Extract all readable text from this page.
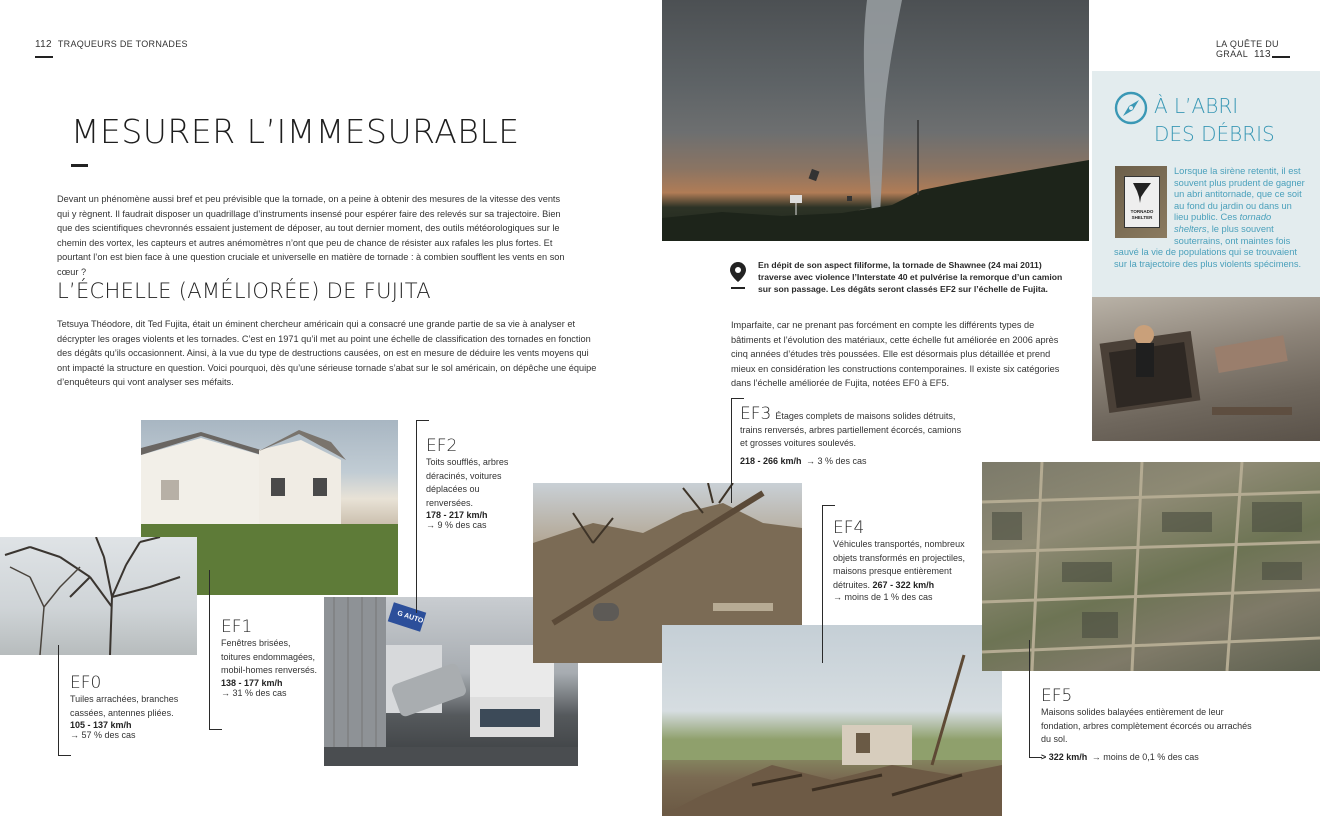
112 TRAQUEURS DE TORNADES	LA QUÊTE DU GRAAL 113
MESURER L’IMMESURABLE
Devant un phénomène aussi bref et peu prévisible que la tornade, on a peine à obtenir des mesures de la vitesse des vents qui y règnent. Il faudrait disposer un quadrillage d’instruments insensé pour espérer faire des relevés sur sa trajectoire. Bien que des scientifiques chevronnés essaient justement de déposer, au tout dernier moment, des outils météorologiques sur le chemin des vortex, les capteurs et autres anémomètres n’ont que peu de chance de résister aux rafales les plus fortes. Et pourtant l’on est bien face à une question cruciale et universelle en matière de tornade : à combien soufflent les vents en son cœur ?
L’ÉCHELLE (AMÉLIORÉE) DE FUJITA
Tetsuya Théodore, dit Ted Fujita, était un éminent chercheur américain qui a consacré une grande partie de sa vie à analyser et décrypter les orages violents et les tornades. C’est en 1971 qu’il met au point une échelle de classification des tornades en fonction des dégâts qu’ils occasionnent. Ainsi, à la vue du type de destructions causées, on est en mesure de déduire les vents moyens qui ont impacté la structure en question. Voici pourquoi, dès qu’une sérieuse tornade s’abat sur le sol américain, on dépêche une équipe d’enquêteurs qui vont analyser ses méfaits.
En dépit de son aspect filiforme, la tornade de Shawnee (24 mai 2011) traverse avec violence l’Interstate 40 et pulvérise la remorque d’un camion sur son passage. Les dégâts seront classés EF2 sur l’échelle de Fujita.
Imparfaite, car ne prenant pas forcément en compte les différents types de bâtiments et l’évolution des matériaux, cette échelle fut améliorée en 2006 après cinq années d’études très poussées. Elle est désormais plus détaillée et prend mieux en considération les constructions contemporaines. Il existe six catégories dans l’échelle améliorée de Fujita, notées EF0 à EF5.
À L’ABRI
DES DÉBRIS
TORNADO
SHELTER
Lorsque la sirène retentit, il est souvent plus prudent de gagner un abri antitornade, que ce soit au fond du jardin ou dans un lieu public. Ces tornado shelters, le plus souvent souterrains, ont maintes fois sauvé la vie de populations qui se trouvaient sur la trajectoire des plus violents spécimens.
G AUTO
EF0
Tuiles arrachées, branches cassées, antennes pliées.
105 - 137 km/h
→ 57 % des cas
EF1
Fenêtres brisées, toitures endommagées, mobil-homes renversés.
138 - 177 km/h
→ 31 % des cas
EF2
Toits soufflés, arbres déracinés, voitures déplacées ou renversées.
178 - 217 km/h
→ 9 % des cas
EF3 Étages complets de maisons solides détruits, trains renversés, arbres partiellement écorcés, camions et grosses voitures soulevés.
218 - 266 km/h → 3 % des cas
EF4
Véhicules transportés, nombreux objets transformés en projectiles, maisons presque entièrement détruites. 267 - 322 km/h
→ moins de 1 % des cas
EF5
Maisons solides balayées entièrement de leur fondation, arbres complètement écorcés ou arrachés du sol.
> 322 km/h → moins de 0,1 % des cas
